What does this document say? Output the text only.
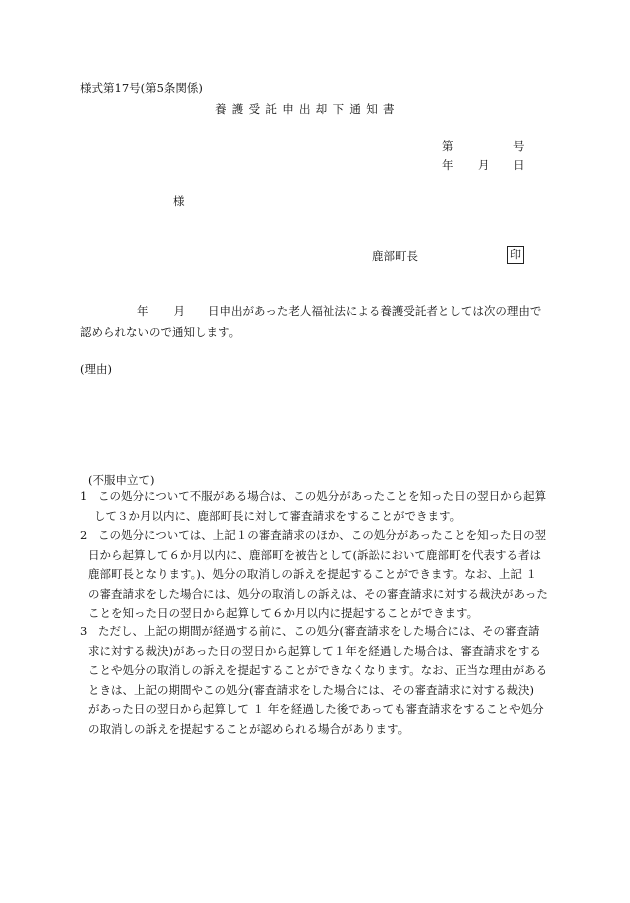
様式第17号(第5条関係)
養護受託申出却下通知書
第	号
年 月 日
様
鹿部町長	印
年 月 日申出があった老人福祉法による養護受託者としては次の理由で
認められないので通知します。
(理由)
(不服申立て)
1 この処分について不服がある場合は、この処分があったことを知った日の翌日から起算
して３か月以内に、鹿部町長に対して審査請求をすることができます。
2 この処分については、上記１の審査請求のほか、この処分があったことを知った日の翌
日から起算して６か月以内に、鹿部町を被告として(訴訟において鹿部町を代表する者は
鹿部町長となります。)、処分の取消しの訴えを提起することができます。なお、上記 １
の審査請求をした場合には、処分の取消しの訴えは、その審査請求に対する裁決があった
ことを知った日の翌日から起算して６か月以内に提起することができます。
3 ただし、上記の期間が経過する前に、この処分(審査請求をした場合には、その審査請
求に対する裁決)があった日の翌日から起算して１年を経過した場合は、審査請求をする
ことや処分の取消しの訴えを提起することができなくなります。なお、正当な理由がある
ときは、上記の期間やこの処分(審査請求をした場合には、その審査請求に対する裁決)
があった日の翌日から起算して １ 年を経過した後であっても審査請求をすることや処分
の取消しの訴えを提起することが認められる場合があります。
